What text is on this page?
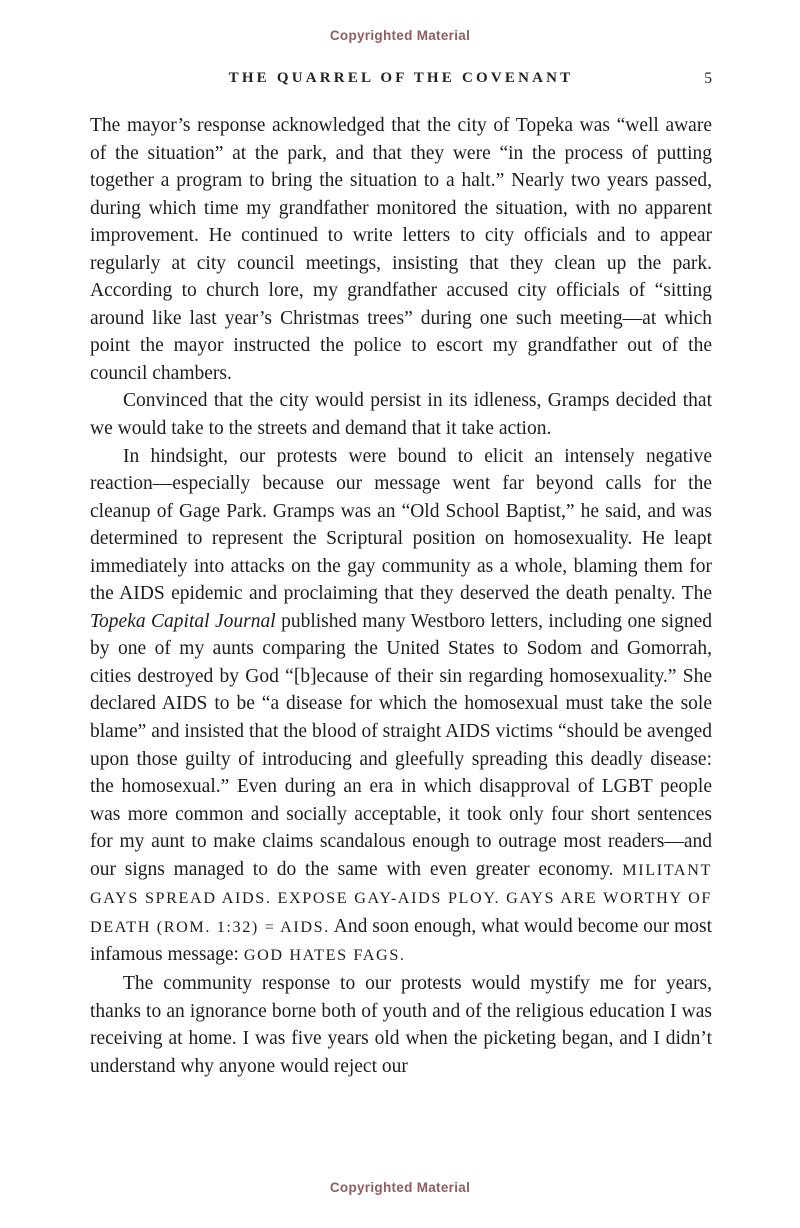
Copyrighted Material
THE QUARREL OF THE COVENANT	5

The mayor’s response acknowledged that the city of Topeka was “well aware of the situation” at the park, and that they were “in the process of putting together a program to bring the situation to a halt.” Nearly two years passed, during which time my grandfather monitored the situation, with no apparent improvement. He continued to write letters to city officials and to appear regularly at city council meetings, insisting that they clean up the park. According to church lore, my grandfather accused city officials of “sitting around like last year’s Christmas trees” during one such meeting—at which point the mayor instructed the police to escort my grandfather out of the council chambers.

Convinced that the city would persist in its idleness, Gramps decided that we would take to the streets and demand that it take action.

In hindsight, our protests were bound to elicit an intensely negative reaction—especially because our message went far beyond calls for the cleanup of Gage Park. Gramps was an “Old School Baptist,” he said, and was determined to represent the Scriptural position on homosexuality. He leapt immediately into attacks on the gay community as a whole, blaming them for the AIDS epidemic and proclaiming that they deserved the death penalty. The Topeka Capital Journal published many Westboro letters, including one signed by one of my aunts comparing the United States to Sodom and Gomorrah, cities destroyed by God “[b]ecause of their sin regarding homosexuality.” She declared AIDS to be “a disease for which the homosexual must take the sole blame” and insisted that the blood of straight AIDS victims “should be avenged upon those guilty of introducing and gleefully spreading this deadly disease: the homosexual.” Even during an era in which disapproval of LGBT people was more common and socially acceptable, it took only four short sentences for my aunt to make claims scandalous enough to outrage most readers—and our signs managed to do the same with even greater economy. MILITANT GAYS SPREAD AIDS. EXPOSE GAY-AIDS PLOY. GAYS ARE WORTHY OF DEATH (ROM. 1:32) = AIDS. And soon enough, what would become our most infamous message: GOD HATES FAGS.

The community response to our protests would mystify me for years, thanks to an ignorance borne both of youth and of the religious education I was receiving at home. I was five years old when the picketing began, and I didn’t understand why anyone would reject our

Copyrighted Material
